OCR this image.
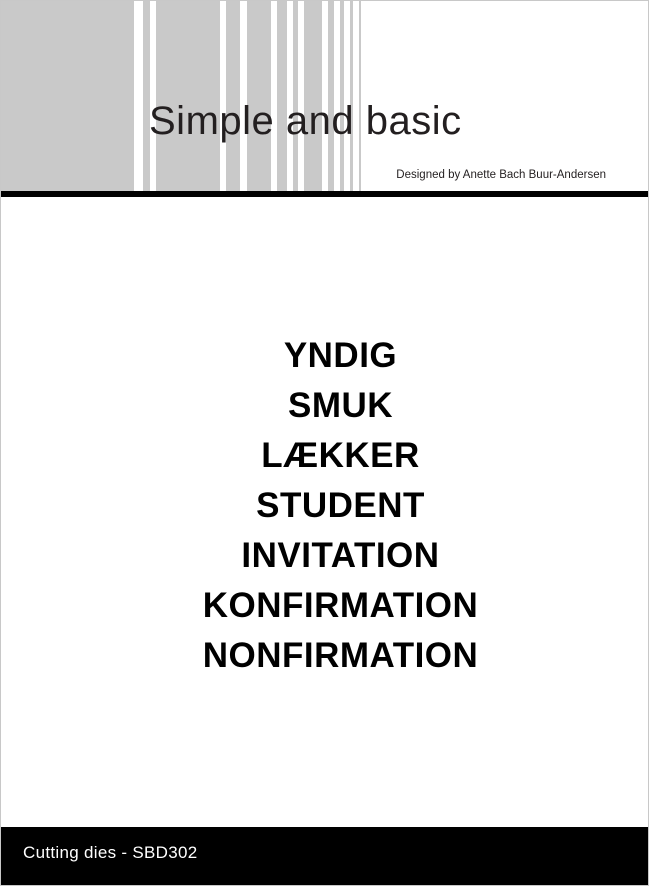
Simple and basic
Designed by Anette Bach Buur-Andersen
YNDIG
SMUK
LÆKKER
STUDENT
INVITATION
KONFIRMATION
NONFIRMATION
Cutting dies - SBD302
